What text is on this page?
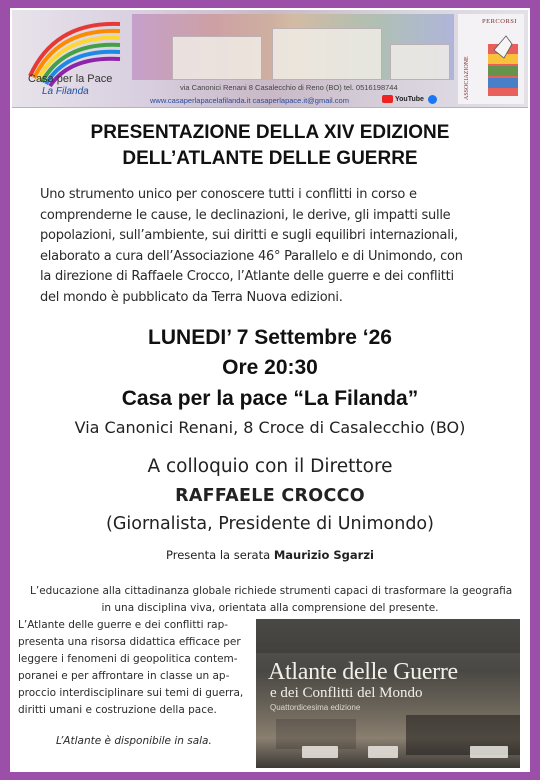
Casa per la Pace
La Filanda	via Canonici Renani 8 Casalecchio di Reno (BO) tel. 0516198744
www.casaperlapacelafilanda.it casaperlapace.it@gmail.com	YouTube	ASSOCIAZIONE
PERCORSI
PRESENTAZIONE DELLA XIV EDIZIONE
DELL’ATLANTE DELLE GUERRE
Uno strumento unico per conoscere tutti i conflitti in corso e
comprenderne le cause, le declinazioni, le derive, gli impatti sulle
popolazioni, sull’ambiente, sui diritti e sugli equilibri internazionali,
elaborato a cura dell’Associazione 46° Parallelo e di Unimondo, con
la direzione di Raffaele Crocco, l’Atlante delle guerre e dei conflitti
del mondo è pubblicato da Terra Nuova edizioni.
LUNEDI’ 7 Settembre ‘26
Ore 20:30
Casa per la pace “La Filanda”
Via Canonici Renani, 8 Croce di Casalecchio (BO)
A colloquio con il Direttore
RAFFAELE CROCCO
(Giornalista, Presidente di Unimondo)
Presenta la serata Maurizio Sgarzi
L’educazione alla cittadinanza globale richiede strumenti capaci di trasformare la geografia
in una disciplina viva, orientata alla comprensione del presente.
L’Atlante delle guerre e dei conflitti rap-
presenta una risorsa didattica efficace per
leggere i fenomeni di geopolitica contem-
poranei e per affrontare in classe un ap-
proccio interdisciplinare sui temi di guerra,
diritti umani e costruzione della pace.
L’Atlante è disponibile in sala.
Atlante delle Guerre
e dei Conflitti del Mondo
Quattordicesima edizione
